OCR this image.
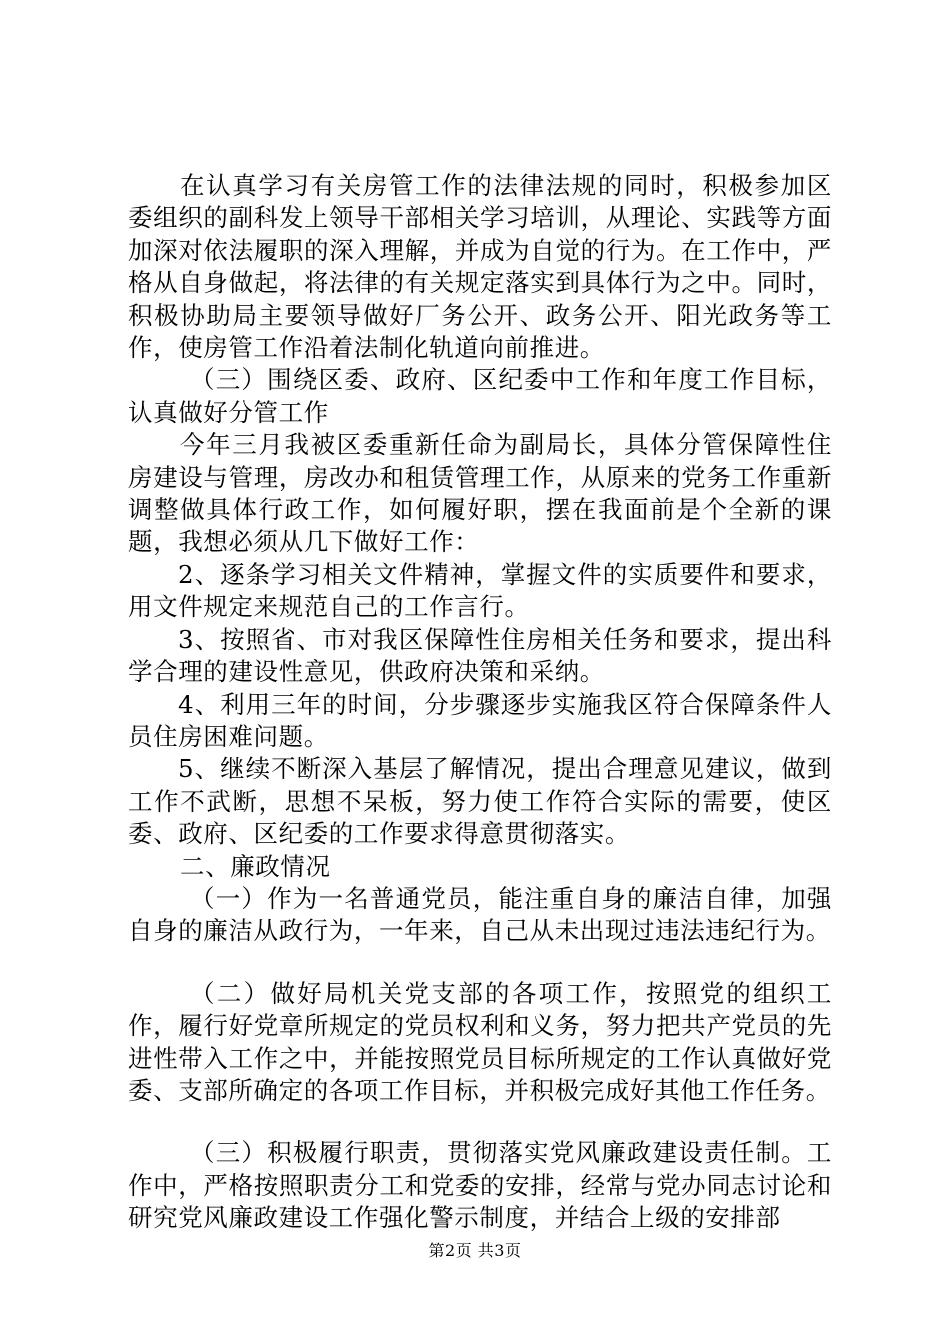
在认真学习有关房管工作的法律法规的同时，积极参加区委组织的副科发上领导干部相关学习培训，从理论、实践等方面加深对依法履职的深入理解，并成为自觉的行为。在工作中，严格从自身做起，将法律的有关规定落实到具体行为之中。同时，积极协助局主要领导做好厂务公开、政务公开、阳光政务等工作，使房管工作沿着法制化轨道向前推进。

（三）围绕区委、政府、区纪委中工作和年度工作目标，认真做好分管工作

今年三月我被区委重新任命为副局长，具体分管保障性住房建设与管理，房改办和租赁管理工作，从原来的党务工作重新调整做具体行政工作，如何履好职，摆在我面前是个全新的课题，我想必须从几下做好工作：

2、逐条学习相关文件精神，掌握文件的实质要件和要求，用文件规定来规范自己的工作言行。

3、按照省、市对我区保障性住房相关任务和要求，提出科学合理的建设性意见，供政府决策和采纳。

4、利用三年的时间，分步骤逐步实施我区符合保障条件人员住房困难问题。

5、继续不断深入基层了解情况，提出合理意见建议，做到工作不武断，思想不呆板，努力使工作符合实际的需要，使区委、政府、区纪委的工作要求得意贯彻落实。

二、廉政情况

（一）作为一名普通党员，能注重自身的廉洁自律，加强自身的廉洁从政行为，一年来，自己从未出现过违法违纪行为。

（二）做好局机关党支部的各项工作，按照党的组织工作，履行好党章所规定的党员权利和义务，努力把共产党员的先进性带入工作之中，并能按照党员目标所规定的工作认真做好党委、支部所确定的各项工作目标，并积极完成好其他工作任务。

（三）积极履行职责，贯彻落实党风廉政建设责任制。工作中，严格按照职责分工和党委的安排，经常与党办同志讨论和研究党风廉政建设工作强化警示制度，并结合上级的安排部

第2页 共3页
